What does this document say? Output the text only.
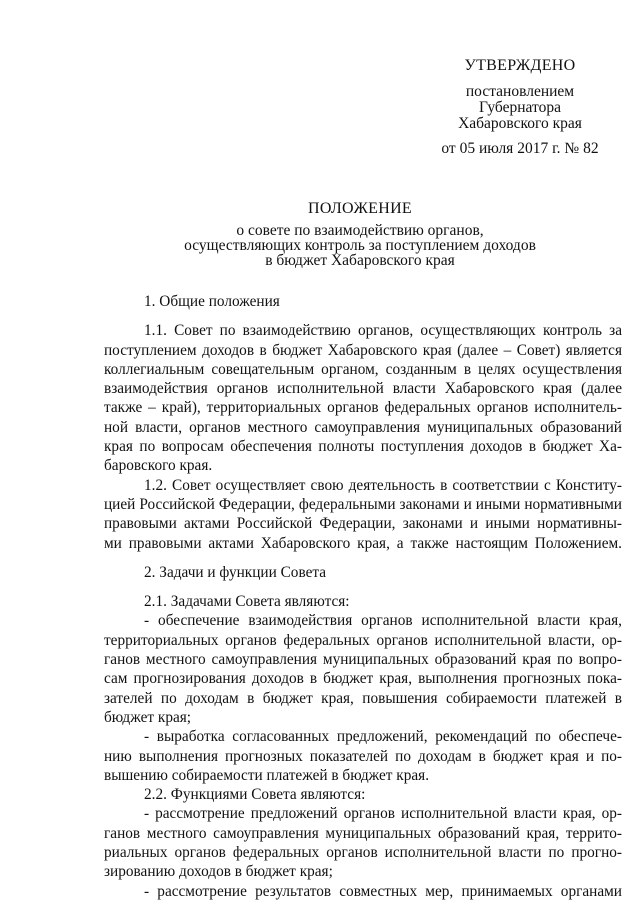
УТВЕРЖДЕНО
постановлением
Губернатора
Хабаровского края
от 05 июля 2017 г. № 82
ПОЛОЖЕНИЕ
о совете по взаимодействию органов,
осуществляющих контроль за поступлением доходов
в бюджет Хабаровского края
1. Общие положения
1.1. Совет по взаимодействию органов, осуществляющих контроль за
поступлением доходов в бюджет Хабаровского края (далее – Совет) является
коллегиальным совещательным органом, созданным в целях осуществления
взаимодействия органов исполнительной власти Хабаровского края (далее
также – край), территориальных органов федеральных органов исполнитель-
ной власти, органов местного самоуправления муниципальных образований
края по вопросам обеспечения полноты поступления доходов в бюджет Ха-
баровского края.
1.2. Совет осуществляет свою деятельность в соответствии с Конститу-
цией Российской Федерации, федеральными законами и иными нормативными
правовыми актами Российской Федерации, законами и иными нормативны-
ми правовыми актами Хабаровского края, а также настоящим Положением.
2. Задачи и функции Совета
2.1. Задачами Совета являются:
- обеспечение взаимодействия органов исполнительной власти края,
территориальных органов федеральных органов исполнительной власти, ор-
ганов местного самоуправления муниципальных образований края по вопро-
сам прогнозирования доходов в бюджет края, выполнения прогнозных пока-
зателей по доходам в бюджет края, повышения собираемости платежей в
бюджет края;
- выработка согласованных предложений, рекомендаций по обеспече-
нию выполнения прогнозных показателей по доходам в бюджет края и по-
вышению собираемости платежей в бюджет края.
2.2. Функциями Совета являются:
- рассмотрение предложений органов исполнительной власти края, ор-
ганов местного самоуправления муниципальных образований края, террито-
риальных органов федеральных органов исполнительной власти по прогно-
зированию доходов в бюджет края;
- рассмотрение результатов совместных мер, принимаемых органами
